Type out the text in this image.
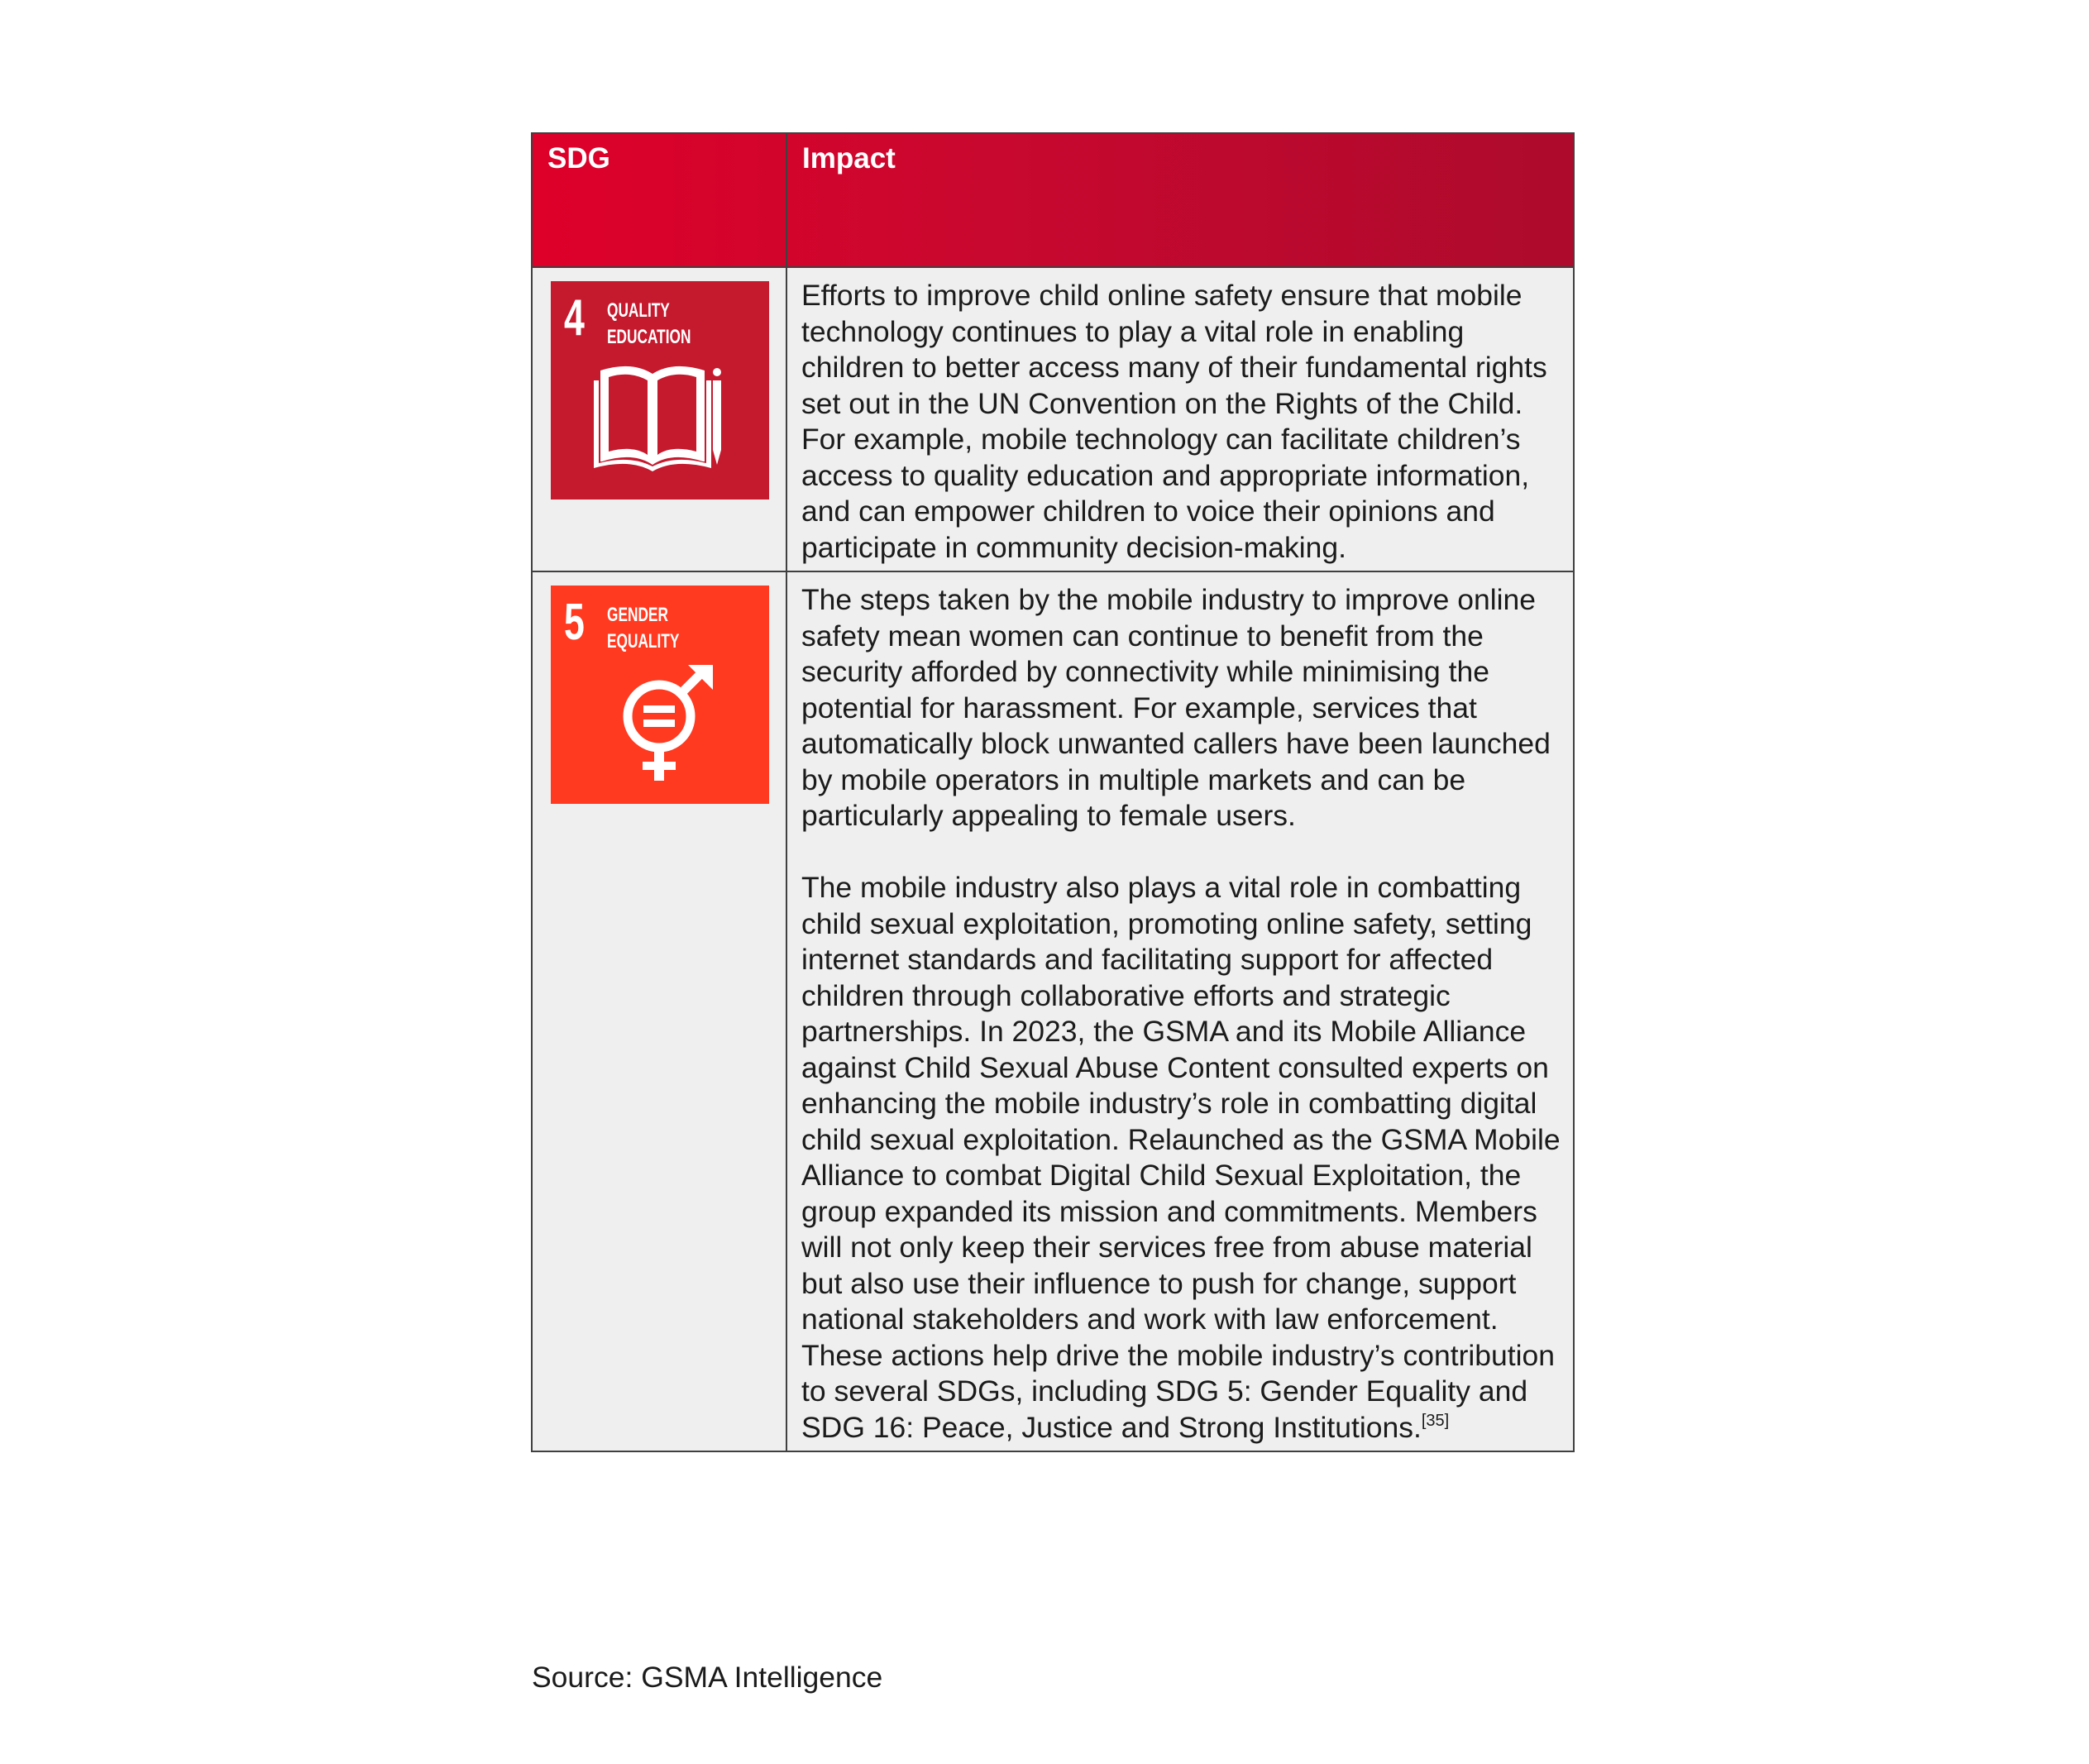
SDG	Impact
4 QUALITY
EDUCATION

Efforts to improve child online safety ensure that mobile technology continues to play a vital role in enabling children to better access many of their fundamental rights set out in the UN Convention on the Rights of the Child. For example, mobile technology can facilitate children’s access to quality education and appropriate information, and can empower children to voice their opinions and participate in community decision-making.

5 GENDER
EQUALITY

The steps taken by the mobile industry to improve online safety mean women can continue to benefit from the security afforded by connectivity while minimising the potential for harassment. For example, services that automatically block unwanted callers have been launched by mobile operators in multiple markets and can be particularly appealing to female users.

The mobile industry also plays a vital role in combatting child sexual exploitation, promoting online safety, setting internet standards and facilitating support for affected children through collaborative efforts and strategic partnerships. In 2023, the GSMA and its Mobile Alliance against Child Sexual Abuse Content consulted experts on enhancing the mobile industry’s role in combatting digital child sexual exploitation. Relaunched as the GSMA Mobile Alliance to combat Digital Child Sexual Exploitation, the group expanded its mission and commitments. Members will not only keep their services free from abuse material but also use their influence to push for change, support national stakeholders and work with law enforcement. These actions help drive the mobile industry’s contribution to several SDGs, including SDG 5: Gender Equality and SDG 16: Peace, Justice and Strong Institutions.[35]

Source: GSMA Intelligence
